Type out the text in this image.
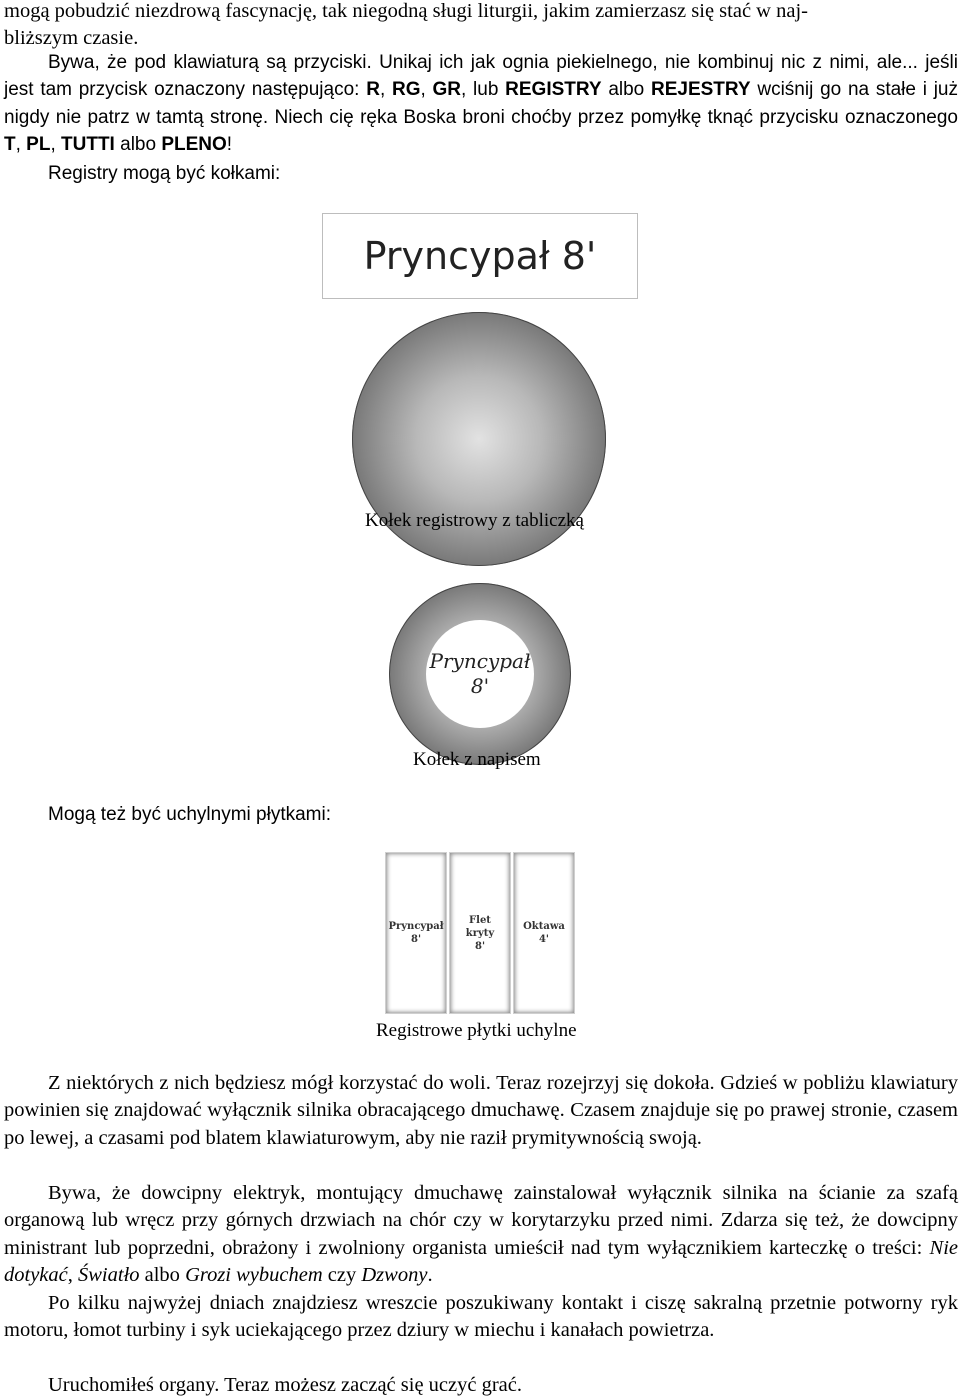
mogą pobudzić niezdrową fascynację, tak niegodną sługi liturgii, jakim zamierzasz się stać w naj-
bliższym czasie.

Bywa, że pod klawiaturą są przyciski. Unikaj ich jak ognia piekielnego, nie kombinuj nic z nimi, ale... jeśli jest tam przycisk oznaczony następująco: R, RG, GR, lub REGISTRY albo REJESTRY wciśnij go na stałe i już nigdy nie patrz w tamtą stronę. Niech cię ręka Boska broni choćby przez pomyłkę tknąć przycisku oznaczonego T, PL, TUTTI albo PLENO!

Registry mogą być kołkami:

Pryncypał 8'
Kołek registrowy z tabliczką
Pryncypał
8'
Kołek z napisem

Mogą też być uchylnymi płytkami:

Pryncypał
8'
Flet
kryty
8'
Oktawa
4'
Registrowe płytki uchylne

Z niektórych z nich będziesz mógł korzystać do woli. Teraz rozejrzyj się dokoła. Gdzieś w pobliżu klawiatury powinien się znajdować wyłącznik silnika obracającego dmuchawę. Czasem znajduje się po prawej stronie, czasem po lewej, a czasami pod blatem klawiaturowym, aby nie raził prymitywnością swoją.

Bywa, że dowcipny elektryk, montujący dmuchawę zainstalował wyłącznik silnika na ścianie za szafą organową lub wręcz przy górnych drzwiach na chór czy w korytarzyku przed nimi. Zdarza się też, że dowcipny ministrant lub poprzedni, obrażony i zwolniony organista umieścił nad tym wyłącznikiem karteczkę o treści: Nie dotykać, Światło albo Grozi wybuchem czy Dzwony.

Po kilku najwyżej dniach znajdziesz wreszcie poszukiwany kontakt i ciszę sakralną przetnie potworny ryk motoru, łomot turbiny i syk uciekającego przez dziury w miechu i kanałach powietrza.

Uruchomiłeś organy. Teraz możesz zacząć się uczyć grać.
